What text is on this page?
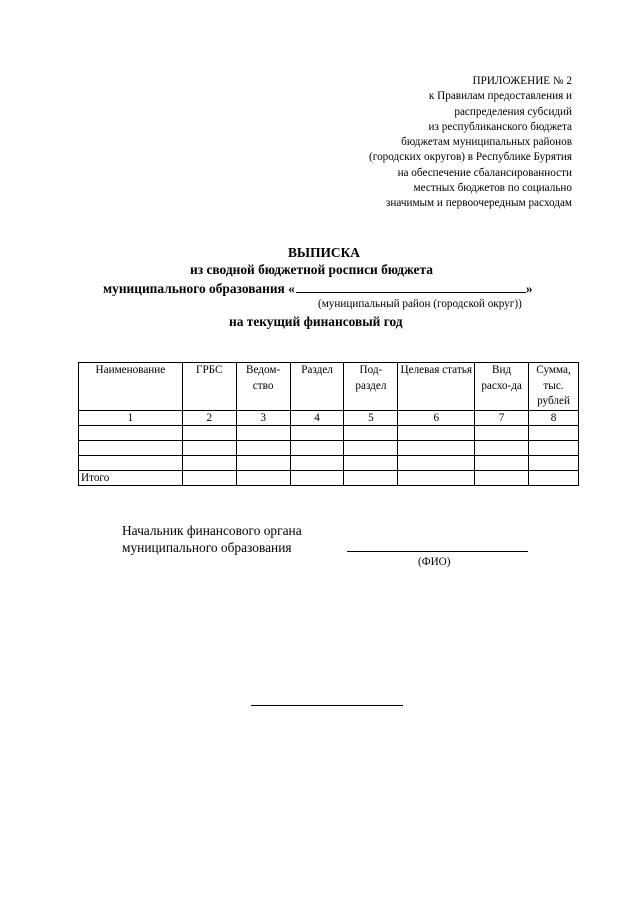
ПРИЛОЖЕНИЕ № 2
к Правилам предоставления и
распределения субсидий
из республиканского бюджета
бюджетам муниципальных районов
(городских округов) в Республике Бурятия
на обеспечение сбалансированности
местных бюджетов по социально
значимым и первоочередным расходам
ВЫПИСКА
из сводной бюджетной росписи бюджета
муниципального образования «	»
(муниципальный район (городской округ))
на текущий финансовый год
Наименование	ГРБС	Ведом-ство	Раздел	Под-раздел	Целевая статья	Вид расхо-да	Сумма, тыс. рублей
1	2	3	4	5	6	7	8

Итого							
Начальник финансового органа
муниципального образования
(ФИО)
